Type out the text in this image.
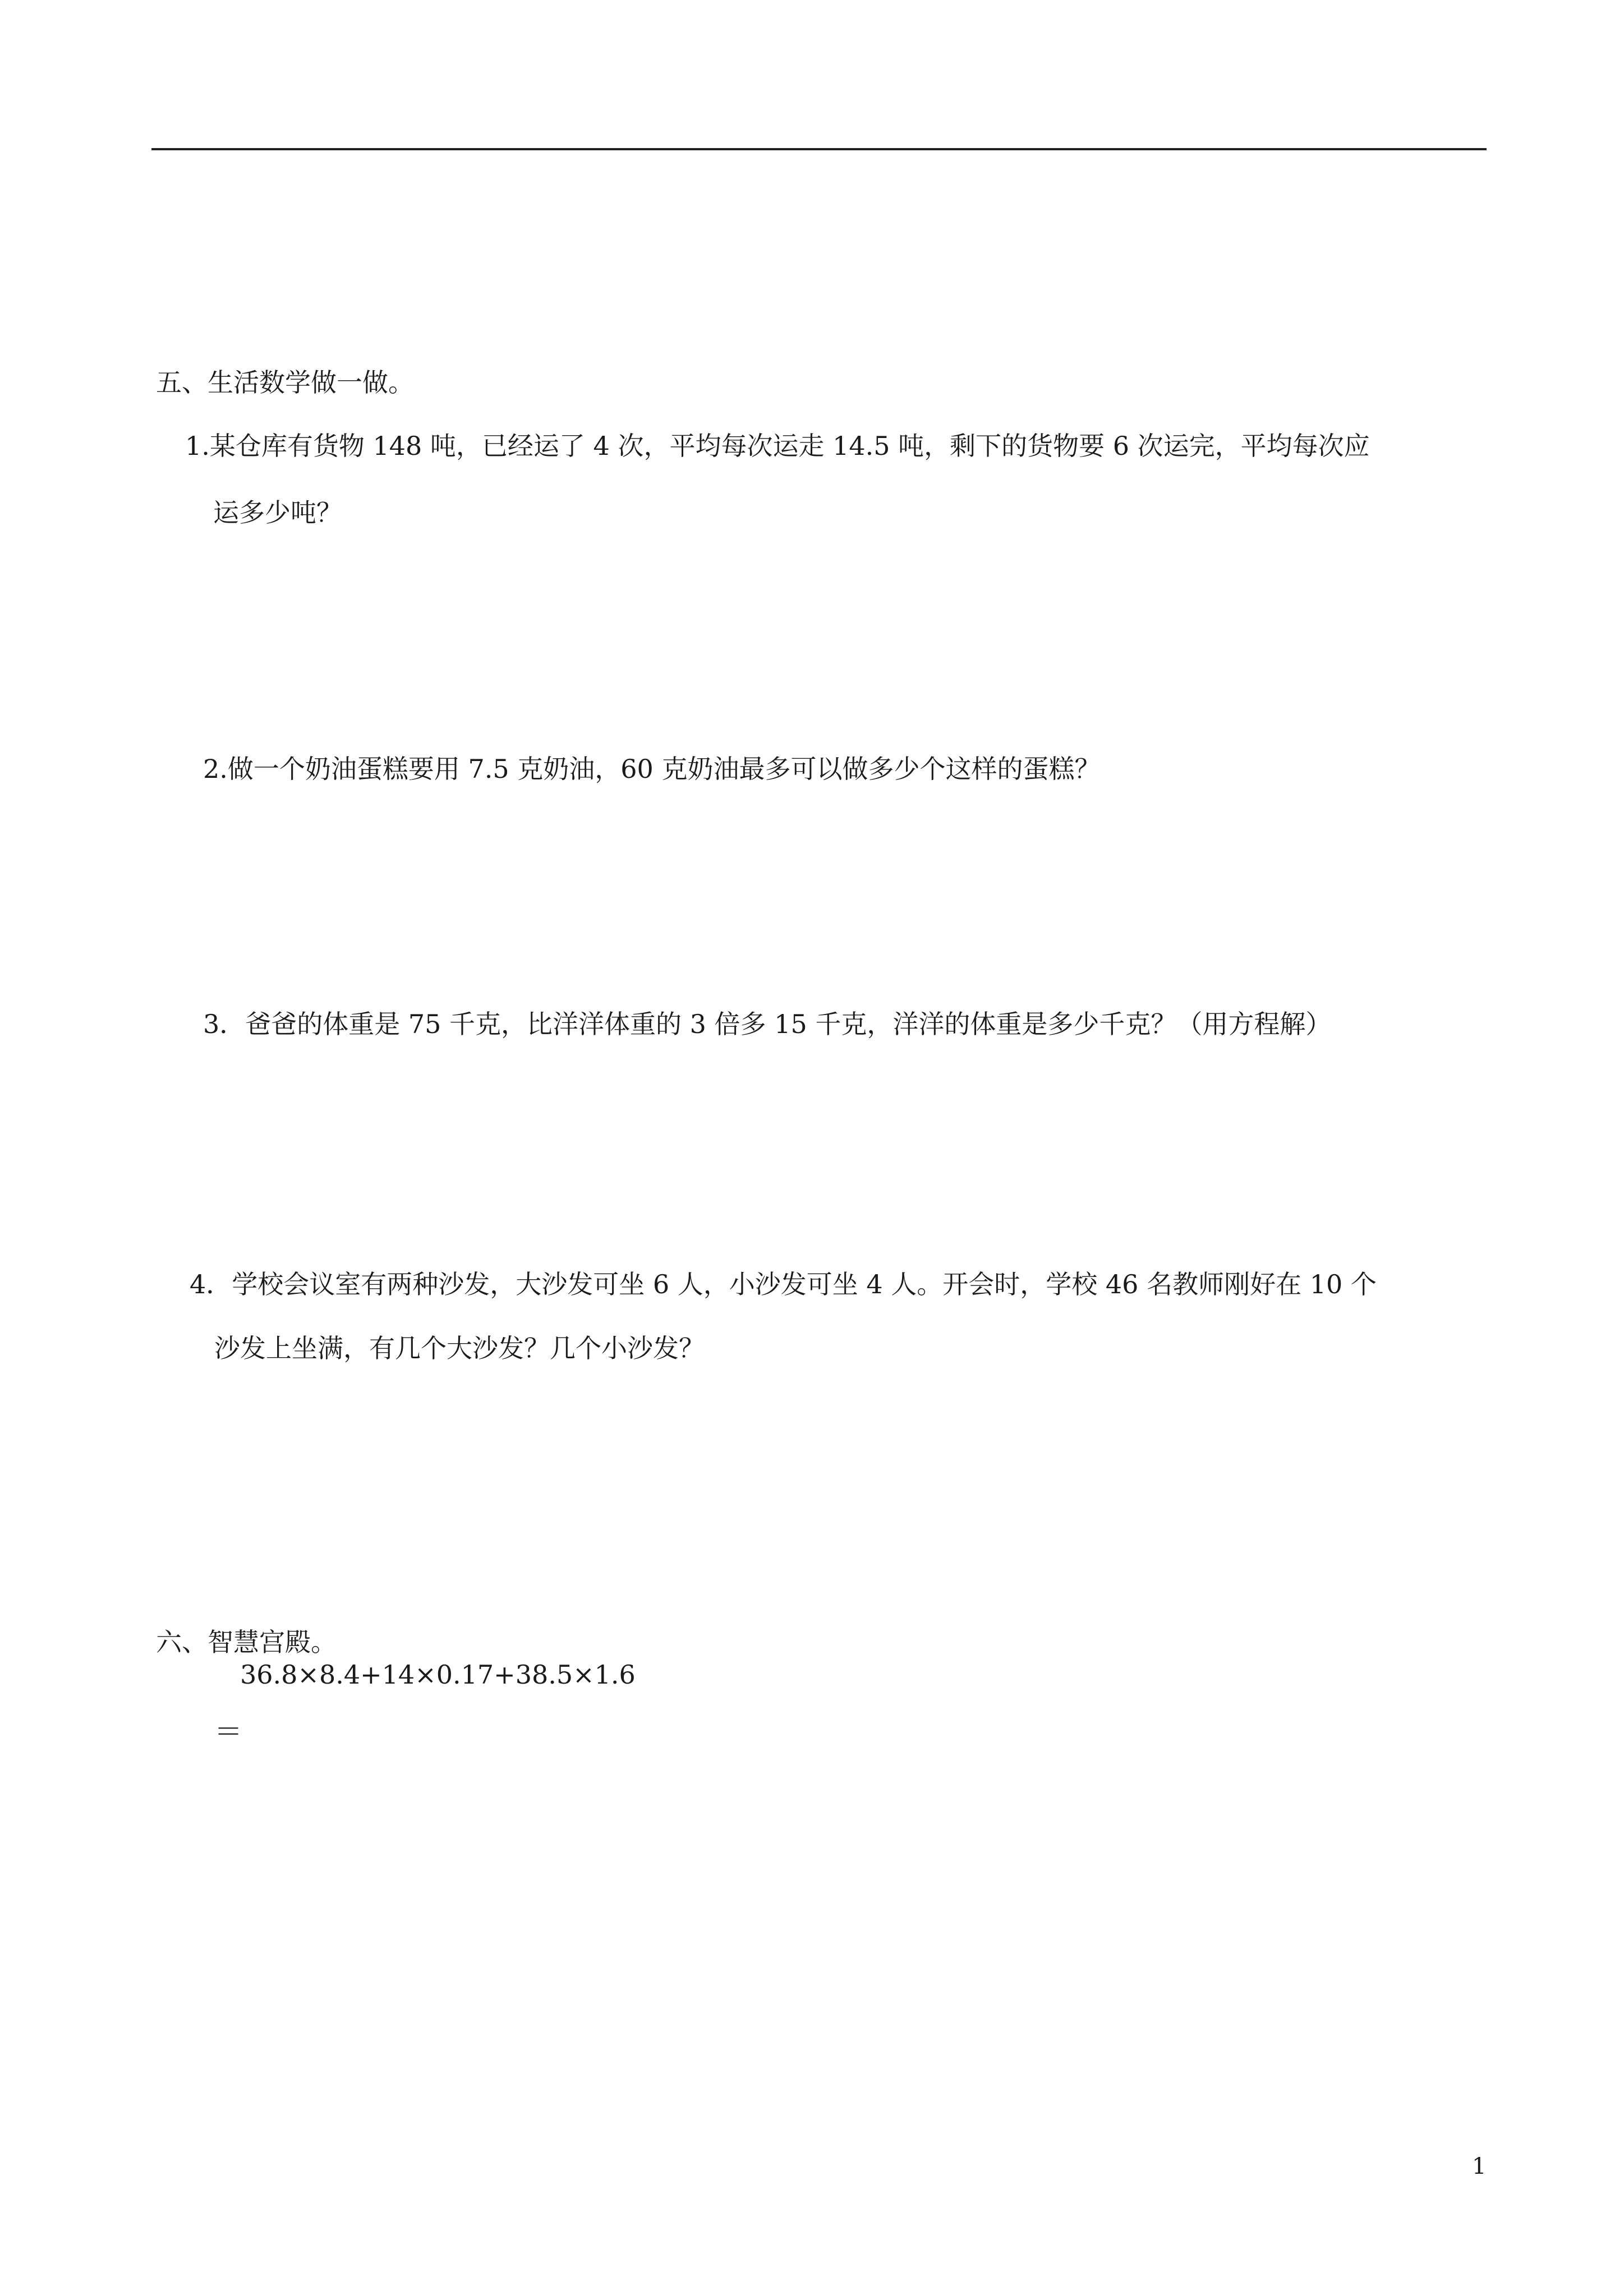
五、生活数学做一做。
1.某仓库有货物 148 吨，已经运了 4 次，平均每次运走 14.5 吨，剩下的货物要 6 次运完，平均每次应
运多少吨？
2.做一个奶油蛋糕要用 7.5 克奶油，60 克奶油最多可以做多少个这样的蛋糕？
3．爸爸的体重是 75 千克，比洋洋体重的 3 倍多 15 千克，洋洋的体重是多少千克？（用方程解）
4．学校会议室有两种沙发，大沙发可坐 6 人，小沙发可坐 4 人。开会时，学校 46 名教师刚好在 10 个
沙发上坐满，有几个大沙发？几个小沙发？
六、智慧宫殿。
36.8×8.4+14×0.17+38.5×1.6
＝
1
